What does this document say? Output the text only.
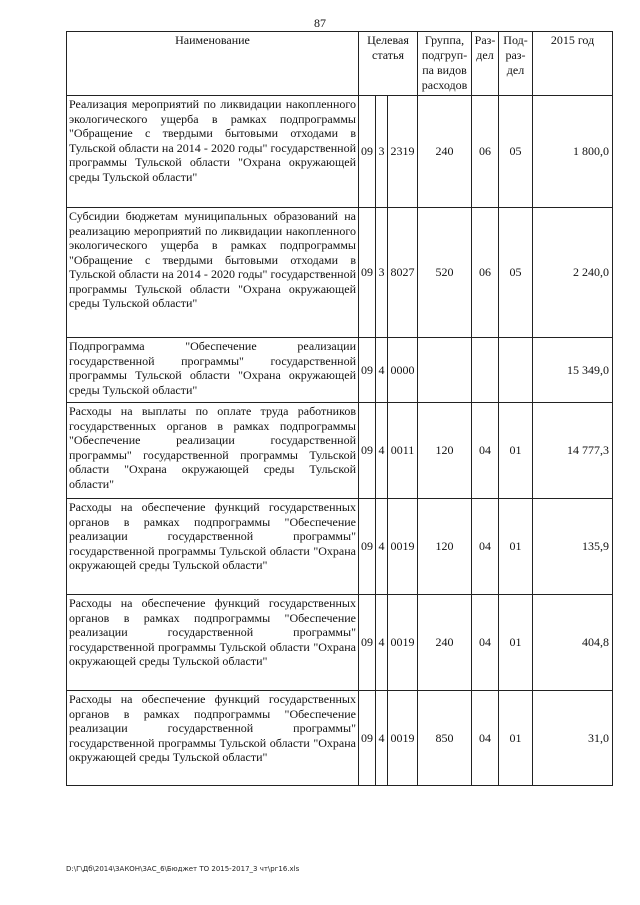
87
Наименование	Целевая статья			Группа, подгруп-па видов расходов	Раз-дел	Под-раз-дел	2015 год
Реализация мероприятий по ликвидации накопленного экологического ущерба в рамках подпрограммы "Обращение с твердыми бытовыми отходами в Тульской области на 2014 - 2020 годы" государственной программы Тульской области "Охрана окружающей среды Тульской области"	09	3	2319	240	06	05	1 800,0
Субсидии бюджетам муниципальных образований на реализацию мероприятий по ликвидации накопленного экологического ущерба в рамках подпрограммы "Обращение с твердыми бытовыми отходами в Тульской области на 2014 - 2020 годы" государственной программы Тульской области "Охрана окружающей среды Тульской области"	09	3	8027	520	06	05	2 240,0
Подпрограмма "Обеспечение реализации государственной программы" государственной программы Тульской области "Охрана окружающей среды Тульской области"	09	4	0000				15 349,0
Расходы на выплаты по оплате труда работников государственных органов в рамках подпрограммы "Обеспечение реализации государственной программы" государственной программы Тульской области "Охрана окружающей среды Тульской области"	09	4	0011	120	04	01	14 777,3
Расходы на обеспечение функций государственных органов в рамках подпрограммы "Обеспечение реализации государственной программы" государственной программы Тульской области "Охрана окружающей среды Тульской области"	09	4	0019	120	04	01	135,9
Расходы на обеспечение функций государственных органов в рамках подпрограммы "Обеспечение реализации государственной программы" государственной программы Тульской области "Охрана окружающей среды Тульской области"	09	4	0019	240	04	01	404,8
Расходы на обеспечение функций государственных органов в рамках подпрограммы "Обеспечение реализации государственной программы" государственной программы Тульской области "Охрана окружающей среды Тульской области"	09	4	0019	850	04	01	31,0
D:\Г\Дб\2014\ЗАКОН\ЗАС_6\Бюджет ТО 2015-2017_3 чт\рг16.xls
